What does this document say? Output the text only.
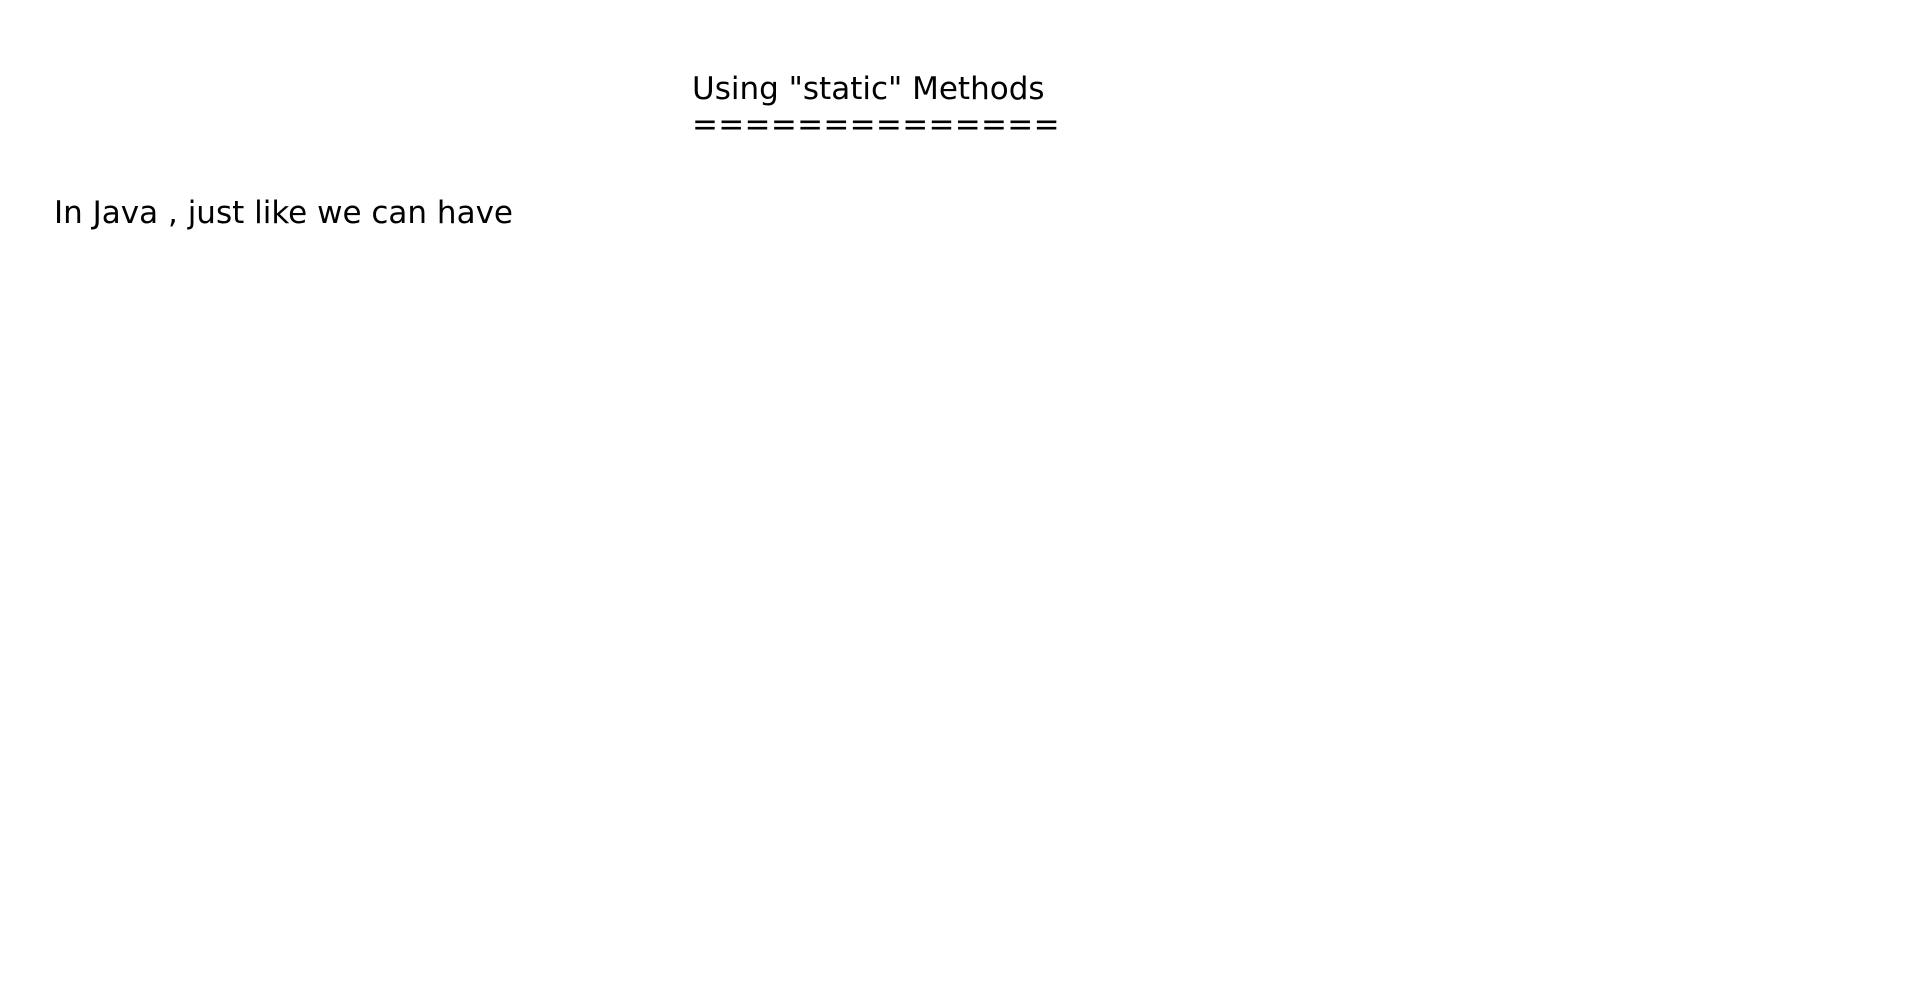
Using "static" Methods
==============
In Java , just like we can have
